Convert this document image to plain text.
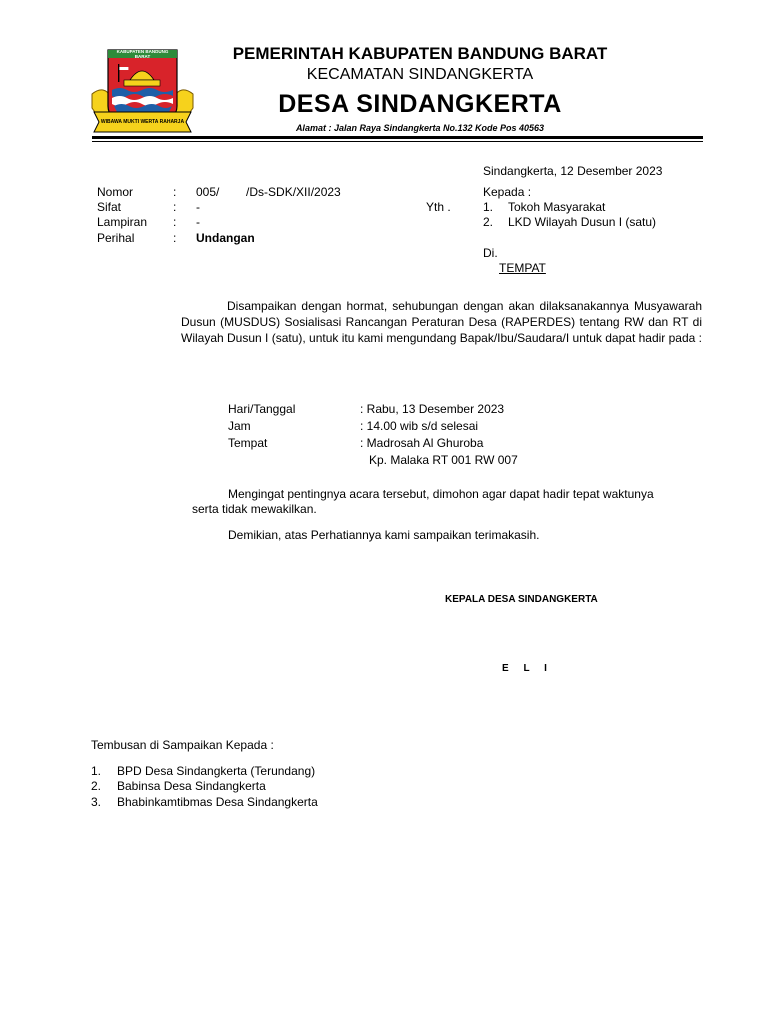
KABUPATEN BANDUNG BARAT
WIBAWA MUKTI WERTA RAHARJA
PEMERINTAH KABUPATEN BANDUNG BARAT
KECAMATAN SINDANGKERTA
DESA SINDANGKERTA
Alamat : Jalan Raya Sindangkerta No.132 Kode Pos 40563
Sindangkerta, 12 Desember 2023
Nomor	: 005/        /Ds-SDK/XII/2023
Sifat	: -
Lampiran : -
Perihal	: Undangan
Kepada :
Yth .	1. Tokoh Masyarakat
2. LKD Wilayah Dusun I (satu)
Di.
TEMPAT
Disampaikan dengan hormat, sehubungan dengan akan dilaksanakannya Musyawarah Dusun (MUSDUS) Sosialisasi Rancangan Peraturan Desa (RAPERDES) tentang RW dan RT di Wilayah Dusun I (satu), untuk itu kami mengundang Bapak/Ibu/Saudara/I untuk dapat hadir pada :
Hari/Tanggal	: Rabu, 13 Desember 2023
Jam	: 14.00 wib s/d selesai
Tempat	: Madrosah Al Ghuroba
Kp. Malaka RT 001 RW 007
Mengingat pentingnya acara tersebut, dimohon agar dapat hadir tepat waktunya
serta tidak mewakilkan.
Demikian, atas Perhatiannya kami sampaikan terimakasih.
KEPALA DESA SINDANGKERTA
E L I
Tembusan di Sampaikan Kepada :
1. BPD Desa Sindangkerta (Terundang)
2. Babinsa Desa Sindangkerta
3. Bhabinkamtibmas Desa Sindangkerta
